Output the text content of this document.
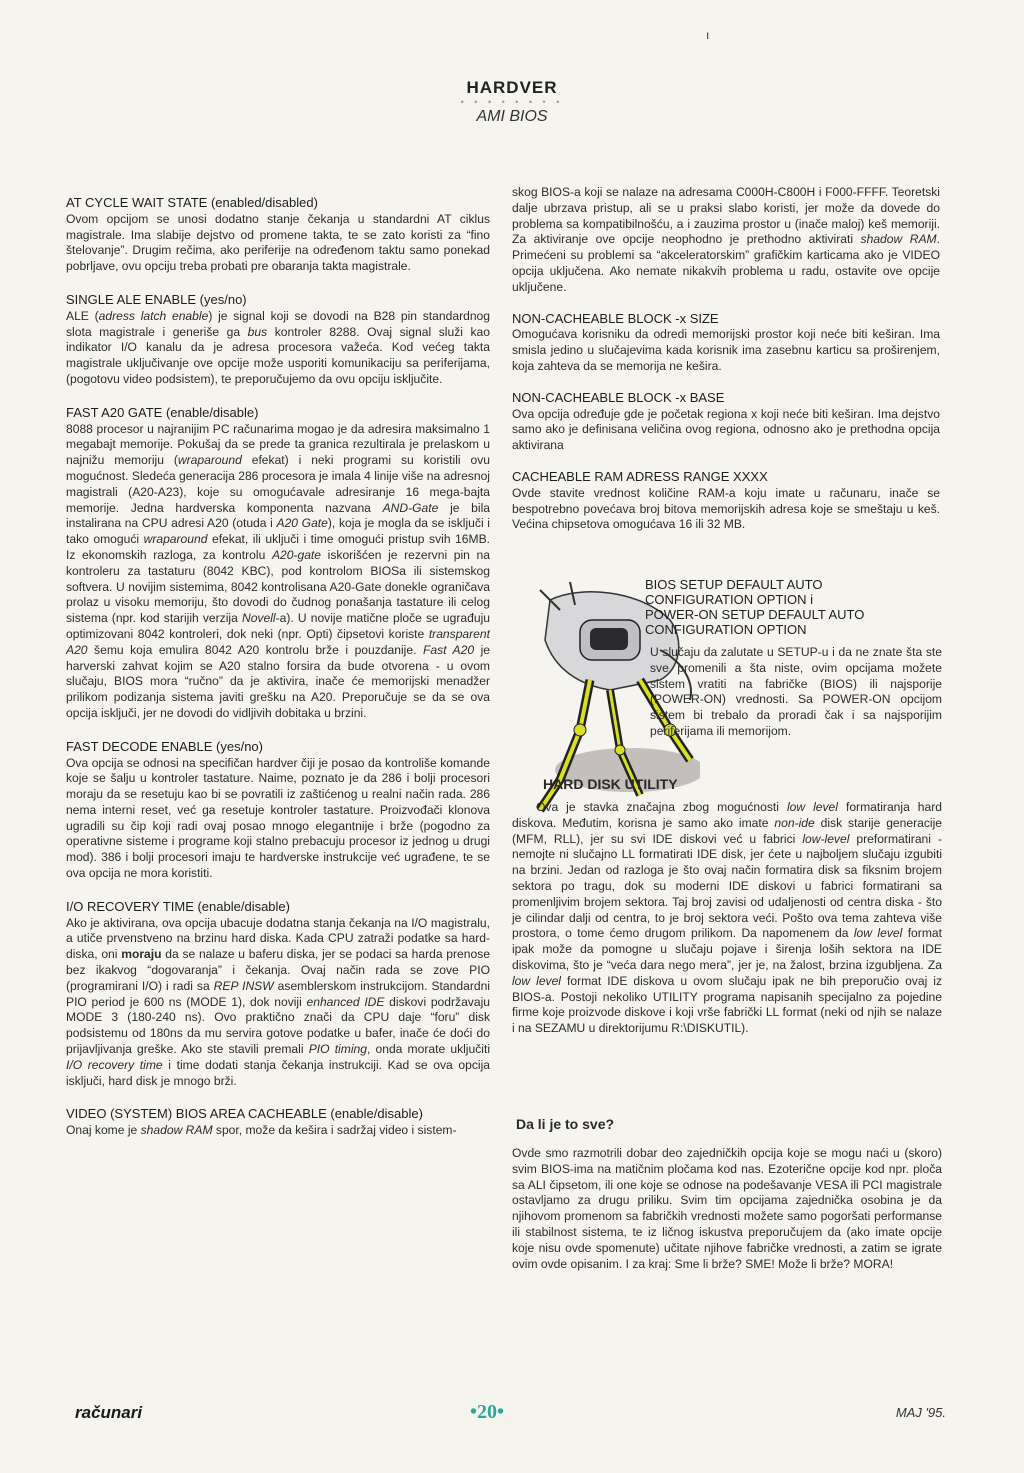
ı
HARDVER
• • • • • • • •
AMI BIOS

AT CYCLE WAIT STATE (enabled/disabled)

Ovom opcijom se unosi dodatno stanje čekanja u standardni AT ciklus magistrale. Ima slabije dejstvo od promene takta, te se zato koristi za “fino štelovanje”. Drugim rečima, ako periferije na određenom taktu samo ponekad pobrljave, ovu opciju treba probati pre obaranja takta magistrale.

SINGLE ALE ENABLE (yes/no)

ALE (adress latch enable) je signal koji se dovodi na B28 pin standardnog slota magistrale i generiše ga bus kontroler 8288. Ovaj signal služi kao indikator I/O kanalu da je adresa procesora važeća. Kod većeg takta magistrale uključivanje ove opcije može usporiti komunikaciju sa periferijama, (pogotovu video podsistem), te preporučujemo da ovu opciju isključite.

FAST A20 GATE (enable/disable)

8088 procesor u najranijim PC računarima mogao je da adresira maksimalno 1 megabajt memorije. Pokušaj da se prede ta granica rezultirala je prelaskom u najnižu memoriju (wraparound efekat) i neki programi su koristili ovu mogućnost. Sledeća generacija 286 procesora je imala 4 linije više na adresnoj magistrali (A20-A23), koje su omogućavale adresiranje 16 mega-bajta memorije. Jedna hardverska komponenta nazvana AND-Gate je bila instalirana na CPU adresi A20 (otuda i A20 Gate), koja je mogla da se isključi i tako omogući wraparound efekat, ili uključi i time omogući pristup svih 16MB. Iz ekonomskih razloga, za kontrolu A20-gate iskorišćen je rezervni pin na kontroleru za tastaturu (8042 KBC), pod kontrolom BIOSa ili sistemskog softvera. U novijim sistemima, 8042 kontrolisana A20-Gate donekle ograničava prolaz u visoku memoriju, što dovodi do čudnog ponašanja tastature ili celog sistema (npr. kod starijih verzija Novell-a). U novije matične ploče se ugrađuju optimizovani 8042 kontroleri, dok neki (npr. Opti) čipsetovi koriste transparent A20 šemu koja emulira 8042 A20 kontrolu brže i pouzdanije. Fast A20 je harverski zahvat kojim se A20 stalno forsira da bude otvorena - u ovom slučaju, BIOS mora “ručno” da je aktivira, inače će memorijski menadžer prilikom podizanja sistema javiti grešku na A20. Preporučuje se da se ova opcija isključi, jer ne dovodi do vidljivih dobitaka u brzini.

FAST DECODE ENABLE (yes/no)

Ova opcija se odnosi na specifičan hardver čiji je posao da kontroliše komande koje se šalju u kontroler tastature. Naime, poznato je da 286 i bolji procesori moraju da se resetuju kao bi se povratili iz zaštićenog u realni način rada. 286 nema interni reset, već ga resetuje kontroler tastature. Proizvođači klonova ugradili su čip koji radi ovaj posao mnogo elegantnije i brže (pogodno za operativne sisteme i programe koji stalno prebacuju procesor iz jednog u drugi mod). 386 i bolji procesori imaju te hardverske instrukcije već ugrađene, te se ova opcija ne mora koristiti.

I/O RECOVERY TIME (enable/disable)

Ako je aktivirana, ova opcija ubacuje dodatna stanja čekanja na I/O magistralu, a utiče prvenstveno na brzinu hard diska. Kada CPU zatraži podatke sa hard-diska, oni moraju da se nalaze u baferu diska, jer se podaci sa harda prenose bez ikakvog “dogovaranja” i čekanja. Ovaj način rada se zove PIO (programirani I/O) i radi sa REP INSW asemblerskom instrukcijom. Standardni PIO period je 600 ns (MODE 1), dok noviji enhanced IDE diskovi podržavaju MODE 3 (180-240 ns). Ovo praktično znači da CPU daje “foru” disk podsistemu od 180ns da mu servira gotove podatke u bafer, inače će doći do prijavljivanja greške. Ako ste stavili premali PIO timing, onda morate uključiti I/O recovery time i time dodati stanja čekanja instrukciji. Kad se ova opcija isključi, hard disk je mnogo brži.

VIDEO (SYSTEM) BIOS AREA CACHEABLE (enable/disable)

Onaj kome je shadow RAM spor, može da kešira i sadržaj video i sistem-

skog BIOS-a koji se nalaze na adresama C000H-C800H i F000-FFFF. Teoretski dalje ubrzava pristup, ali se u praksi slabo koristi, jer može da dovede do problema sa kompatibilnošću, a i zauzima prostor u (inače maloj) keš memoriji. Za aktiviranje ove opcije neophodno je prethodno aktivirati shadow RAM. Primećeni su problemi sa “akceleratorskim” grafičkim karticama ako je VIDEO opcija uključena. Ako nemate nikakvih problema u radu, ostavite ove opcije uključene.

NON-CACHEABLE BLOCK -x SIZE

Omogućava korisniku da odredi memorijski prostor koji neće biti keširan. Ima smisla jedino u slučajevima kada korisnik ima zasebnu karticu sa proširenjem, koja zahteva da se memorija ne keširа.

NON-CACHEABLE BLOCK -x BASE

Ova opcija određuje gde je početak regiona x koji neće biti keširan. Ima dejstvo samo ako je definisana veličina ovog regiona, odnosno ako je prethodna opcija aktivirana

CACHEABLE RAM ADRESS RANGE XXXX

Ovde stavite vrednost količine RAM-a koju imate u računaru, inače se bespotrebno povećava broj bitova memorijskih adresa koje se smeštaju u keš. Većina chipsetova omogućava 16 ili 32 MB.

BIOS SETUP DEFAULT AUTO
CONFIGURATION OPTION i
POWER-ON SETUP DEFAULT AUTO
CONFIGURATION OPTION

U slučaju da zalutate u SETUP-u i da ne znate šta ste sve promenili a šta niste, ovim opcijama možete sistem vratiti na fabričke (BIOS) ili najsporije (POWER-ON) vrednosti. Sa POWER-ON opcijom sistem bi trebalo da proradi čak i sa najsporijim periferijama ili memorijom.

HARD DISK UTILITY

Ova je stavka značajna zbog mogućnosti low level formatiranja hard diskova. Međutim, korisna je samo ako imate non-ide disk starije generacije (MFM, RLL), jer su svi IDE diskovi već u fabrici low-level preformatirani - nemojte ni slučajno LL formatirati IDE disk, jer ćete u najboljem slučaju izgubiti na brzini. Jedan od razloga je što ovaj način formatira disk sa fiksnim brojem sektora po tragu, dok su moderni IDE diskovi u fabrici formatirani sa promenljivim brojem sektora. Taj broj zavisi od udaljenosti od centra diska - što je cilindar dalji od centra, to je broj sektora veći. Pošto ova tema zahteva više prostora, o tome ćemo drugom prilikom. Da napomenem da low level format ipak može da pomogne u slučaju pojave i širenja loših sektora na IDE diskovima, što je “veća dara nego mera”, jer je, na žalost, brzina izgubljena. Za low level format IDE diskova u ovom slučaju ipak ne bih preporučio ovaj iz BIOS-a. Postoji nekoliko UTILITY programa napisanih specijalno za pojedine firme koje proizvode diskove i koji vrše fabrički LL format (neki od njih se nalaze i na SEZAMU u direktorijumu R:\DISKUTIL).

Da li je to sve?

Ovde smo razmotrili dobar deo zajedničkih opcija koje se mogu naći u (skoro) svim BIOS-ima na matičnim pločama kod nas. Ezoterične opcije kod npr. ploča sa ALI čipsetom, ili one koje se odnose na podešavanje VESA ili PCI magistrale ostavljamo za drugu priliku. Svim tim opcijama zajednička osobina je da njihovom promenom sa fabričkih vrednosti možete samo pogoršati performanse ili stabilnost sistema, te iz ličnog iskustva preporučujem da (ako imate opcije koje nisu ovde spomenute) učitate njihove fabričke vrednosti, a zatim se igrate ovim ovde opisanim. I za kraj: Sme li brže? SME! Može li brže? MORA!

računari	•20•	MAJ '95.
